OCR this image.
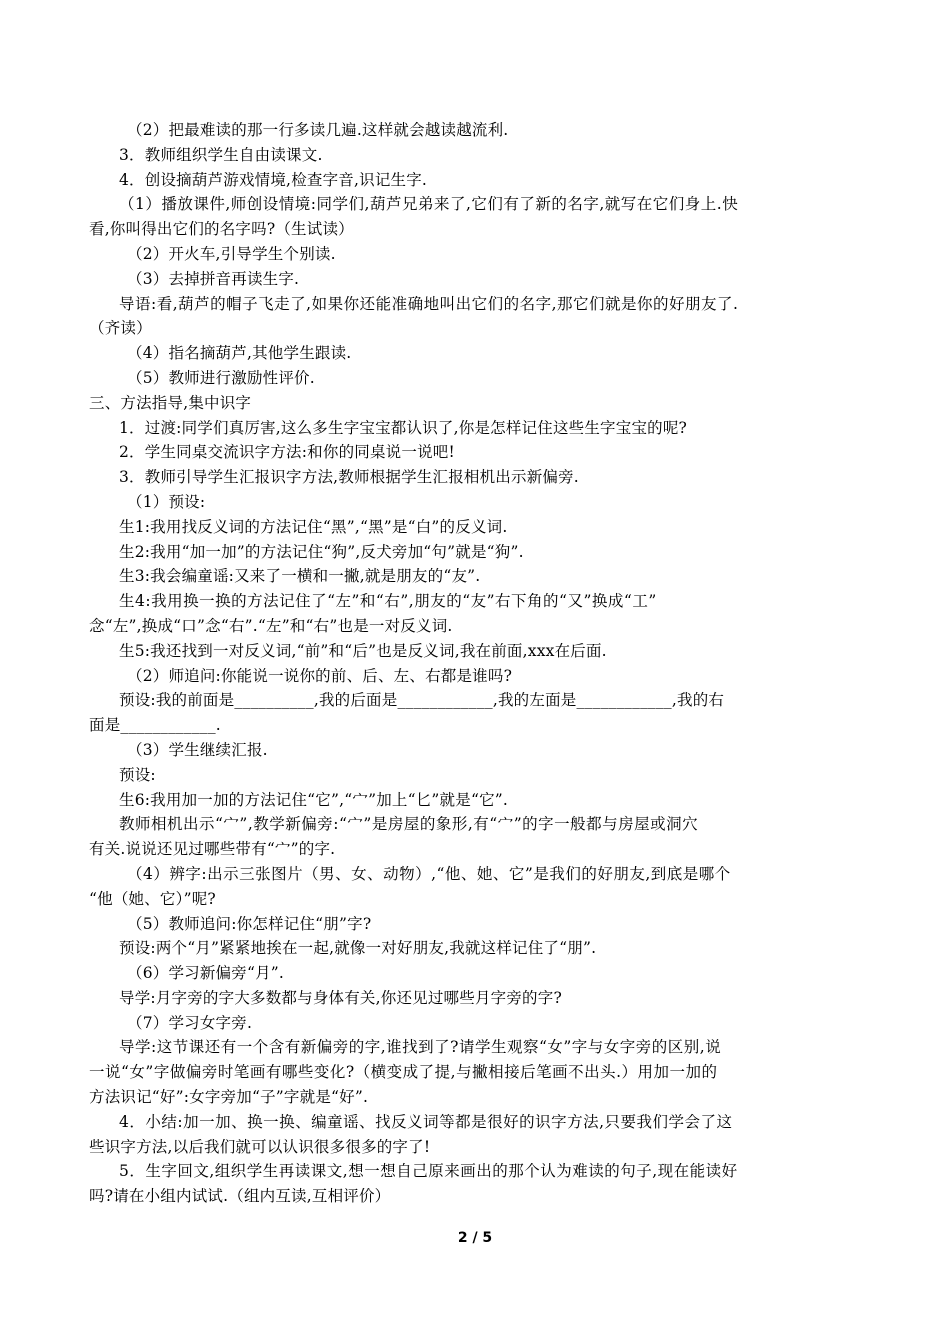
（2）把最难读的那一行多读几遍.这样就会越读越流利.
3．教师组织学生自由读课文.
4．创设摘葫芦游戏情境,检查字音,识记生字.
（1）播放课件,师创设情境:同学们,葫芦兄弟来了,它们有了新的名字,就写在它们身上.快
看,你叫得出它们的名字吗?（生试读）
（2）开火车,引导学生个别读.
（3）去掉拼音再读生字.
导语:看,葫芦的帽子飞走了,如果你还能准确地叫出它们的名字,那它们就是你的好朋友了.
（齐读）
（4）指名摘葫芦,其他学生跟读.
（5）教师进行激励性评价.
三、方法指导,集中识字
1．过渡:同学们真厉害,这么多生字宝宝都认识了,你是怎样记住这些生字宝宝的呢?
2．学生同桌交流识字方法:和你的同桌说一说吧!
3．教师引导学生汇报识字方法,教师根据学生汇报相机出示新偏旁.
（1）预设:
生1:我用找反义词的方法记住“黑”,“黑”是“白”的反义词.
生2:我用“加一加”的方法记住“狗”,反犬旁加“句”就是“狗”.
生3:我会编童谣:又来了一横和一撇,就是朋友的“友”.
生4:我用换一换的方法记住了“左”和“右”,朋友的“友”右下角的“又”换成“工”
念“左”,换成“口”念“右”.“左”和“右”也是一对反义词.
生5:我还找到一对反义词,“前”和“后”也是反义词,我在前面,xxx在后面.
（2）师追问:你能说一说你的前、后、左、右都是谁吗?
预设:我的前面是__________,我的后面是____________,我的左面是____________,我的右
面是____________.
（3）学生继续汇报.
预设:
生6:我用加一加的方法记住“它”,“宀”加上“匕”就是“它”.
教师相机出示“宀”,教学新偏旁:“宀”是房屋的象形,有“宀”的字一般都与房屋或洞穴
有关.说说还见过哪些带有“宀”的字.
（4）辨字:出示三张图片（男、女、动物）,“他、她、它”是我们的好朋友,到底是哪个
“他（她、它）”呢?
（5）教师追问:你怎样记住“朋”字?
预设:两个“月”紧紧地挨在一起,就像一对好朋友,我就这样记住了“朋”.
（6）学习新偏旁“月”.
导学:月字旁的字大多数都与身体有关,你还见过哪些月字旁的字?
（7）学习女字旁.
导学:这节课还有一个含有新偏旁的字,谁找到了?请学生观察“女”字与女字旁的区别,说
一说“女”字做偏旁时笔画有哪些变化?（横变成了提,与撇相接后笔画不出头.）用加一加的
方法识记“好”:女字旁加“子”字就是“好”.
4．小结:加一加、换一换、编童谣、找反义词等都是很好的识字方法,只要我们学会了这
些识字方法,以后我们就可以认识很多很多的字了!
5．生字回文,组织学生再读课文,想一想自己原来画出的那个认为难读的句子,现在能读好
吗?请在小组内试试.（组内互读,互相评价）
2 / 5
